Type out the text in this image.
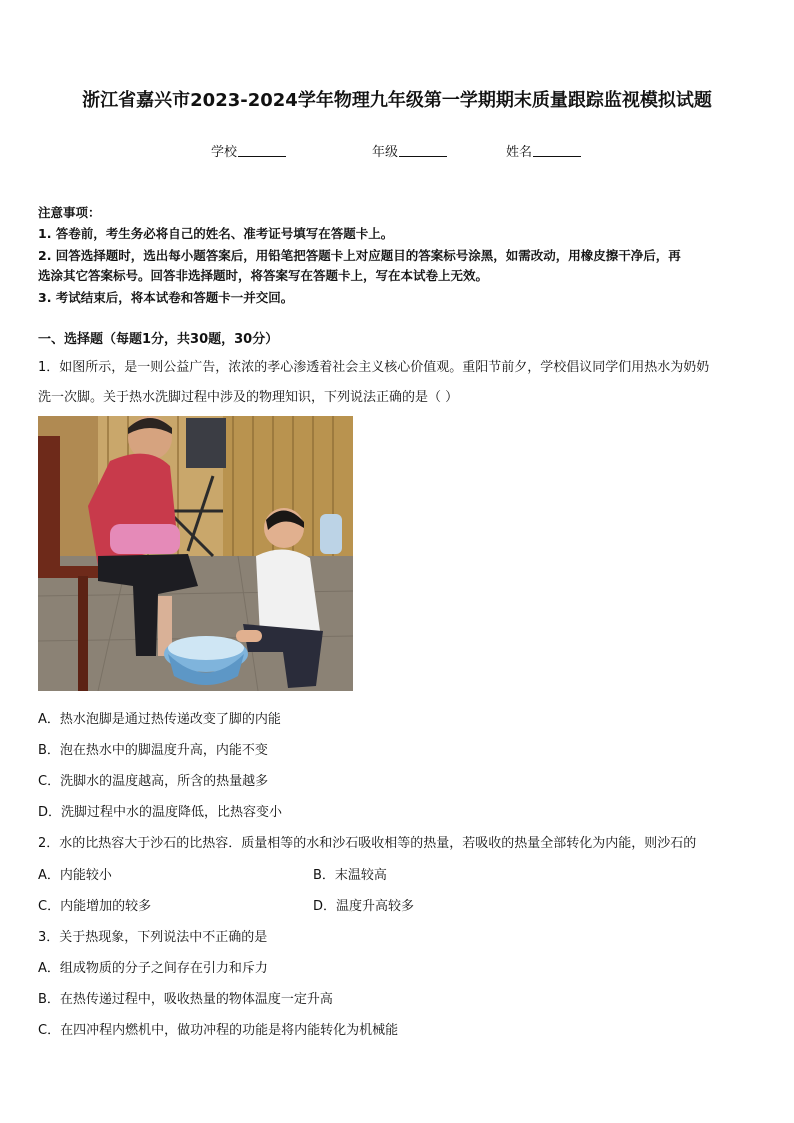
浙江省嘉兴市2023-2024学年物理九年级第一学期期末质量跟踪监视模拟试题
学校	年级	姓名
注意事项：
1. 答卷前，考生务必将自己的姓名、准考证号填写在答题卡上。
2. 回答选择题时，选出每小题答案后，用铅笔把答题卡上对应题目的答案标号涂黑，如需改动，用橡皮擦干净后，再
选涂其它答案标号。回答非选择题时，将答案写在答题卡上，写在本试卷上无效。
3. 考试结束后，将本试卷和答题卡一并交回。
一、选择题（每题1分，共30题，30分）
1．如图所示，是一则公益广告，浓浓的孝心渗透着社会主义核心价值观。重阳节前夕，学校倡议同学们用热水为奶奶
洗一次脚。关于热水洗脚过程中涉及的物理知识，下列说法正确的是（ ）
A．热水泡脚是通过热传递改变了脚的内能
B．泡在热水中的脚温度升高，内能不变
C．洗脚水的温度越高，所含的热量越多
D．洗脚过程中水的温度降低，比热容变小
2．水的比热容大于沙石的比热容．质量相等的水和沙石吸收相等的热量，若吸收的热量全部转化为内能，则沙石的
A．内能较小	B．末温较高
C．内能增加的较多	D．温度升高较多
3．关于热现象，下列说法中不正确的是
A．组成物质的分子之间存在引力和斥力
B．在热传递过程中，吸收热量的物体温度一定升高
C．在四冲程内燃机中，做功冲程的功能是将内能转化为机械能
